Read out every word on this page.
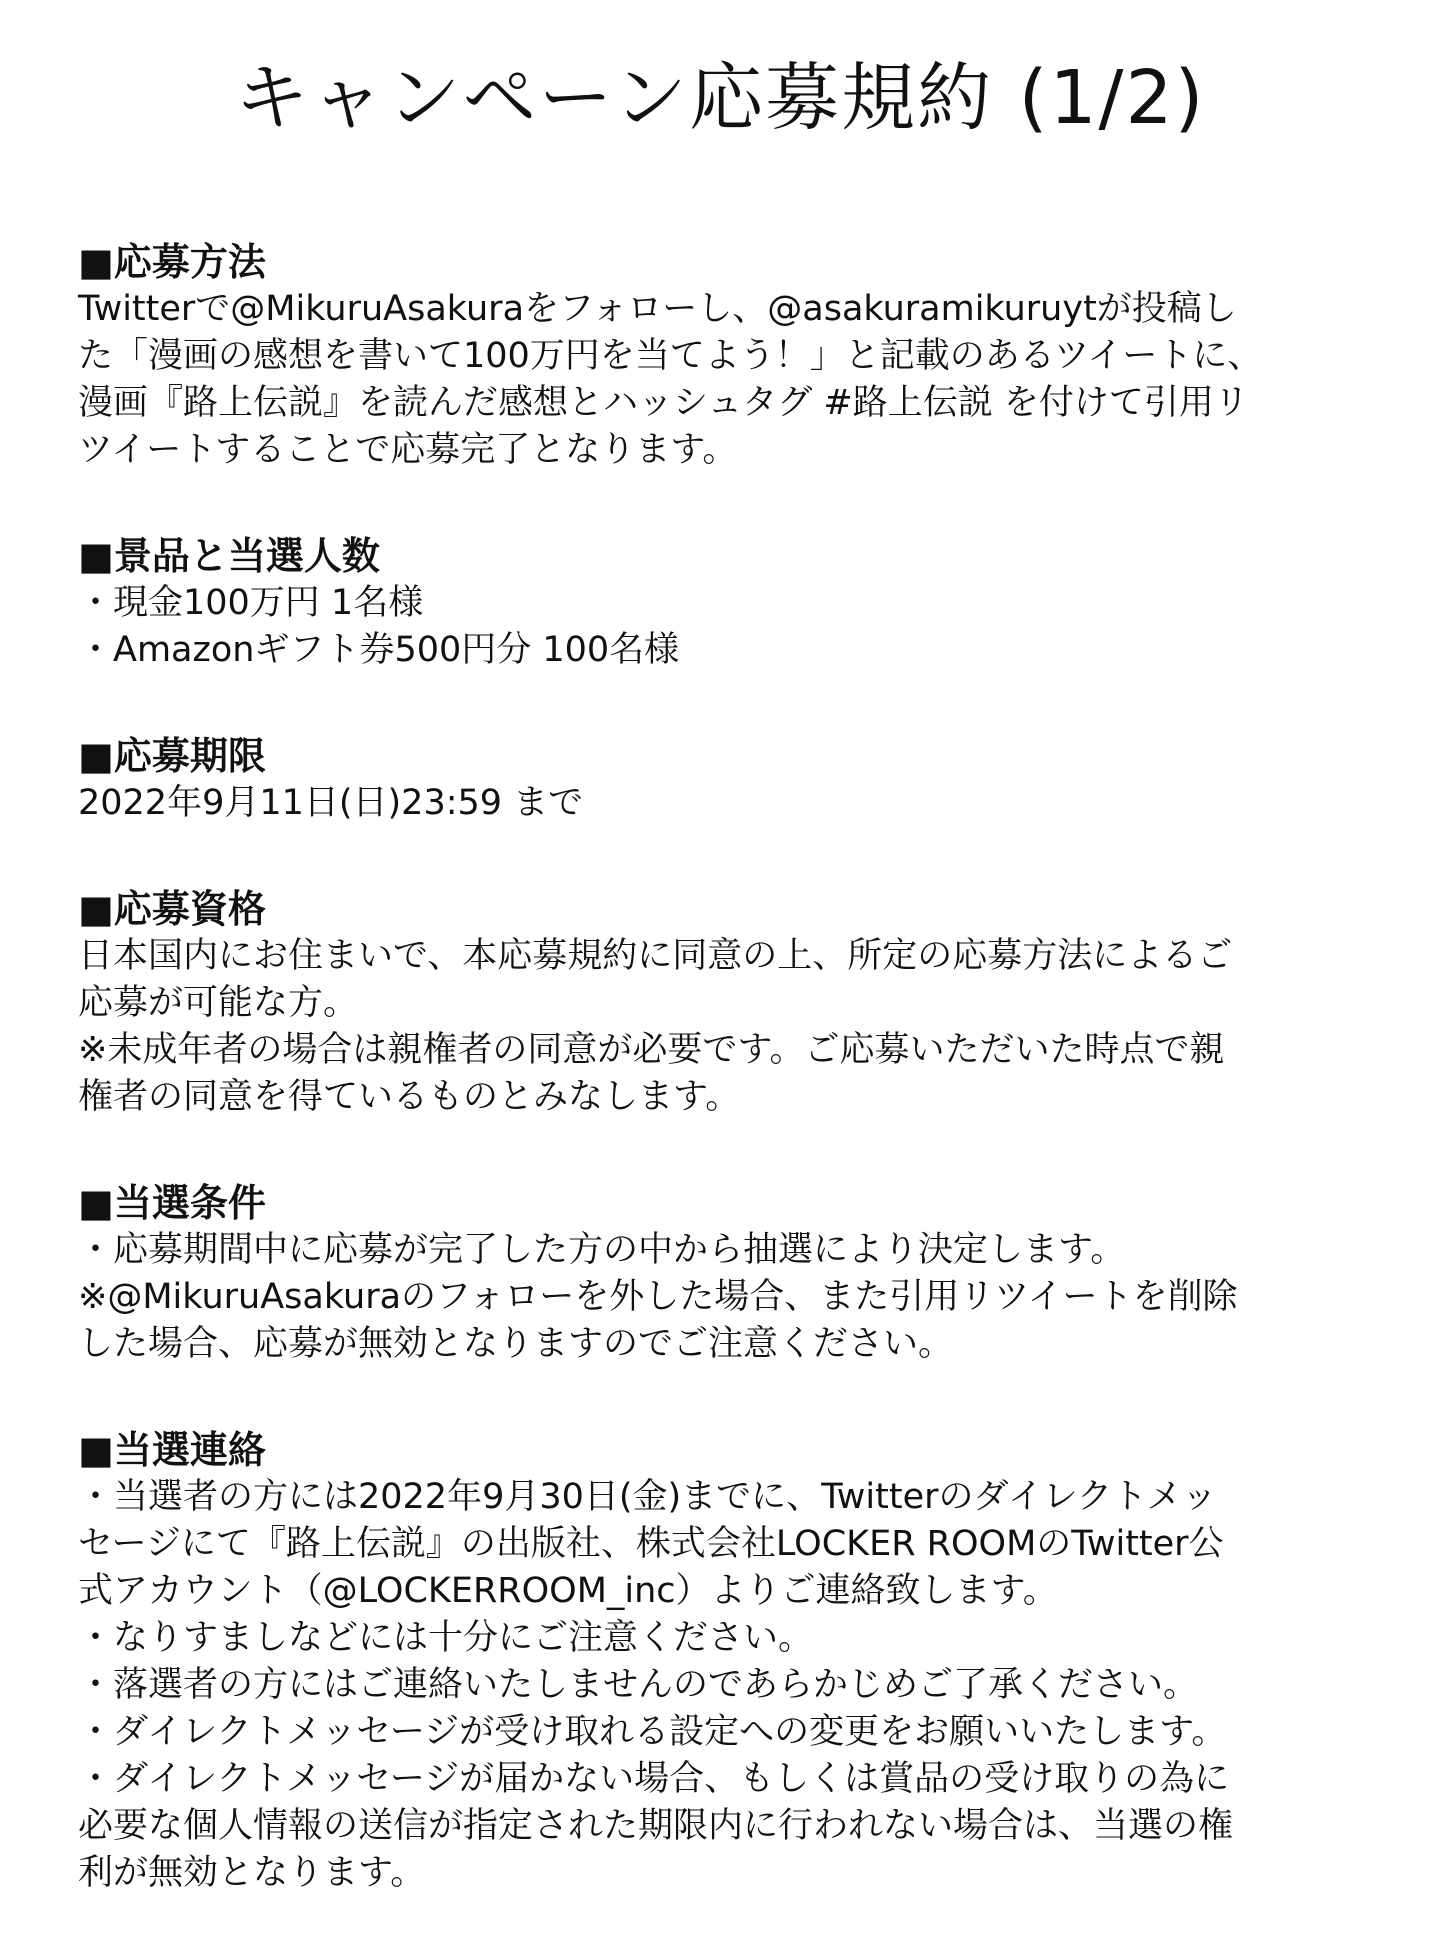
キャンペーン応募規約 (1/2)
■応募方法
Twitterで@MikuruAsakuraをフォローし、@asakuramikuruytが投稿し
た「漫画の感想を書いて100万円を当てよう！」と記載のあるツイートに、
漫画『路上伝説』を読んだ感想とハッシュタグ #路上伝説 を付けて引用リ
ツイートすることで応募完了となります。
■景品と当選人数
・現金100万円 1名様
・Amazonギフト券500円分 100名様
■応募期限
2022年9月11日(日)23:59 まで
■応募資格
日本国内にお住まいで、本応募規約に同意の上、所定の応募方法によるご
応募が可能な方。
※未成年者の場合は親権者の同意が必要です。ご応募いただいた時点で親
権者の同意を得ているものとみなします。
■当選条件
・応募期間中に応募が完了した方の中から抽選により決定します。
※@MikuruAsakuraのフォローを外した場合、また引用リツイートを削除
した場合、応募が無効となりますのでご注意ください。
■当選連絡
・当選者の方には2022年9月30日(金)までに、Twitterのダイレクトメッ
セージにて『路上伝説』の出版社、株式会社LOCKER ROOMのTwitter公
式アカウント（@LOCKERROOM_inc）よりご連絡致します。
・なりすましなどには十分にご注意ください。
・落選者の方にはご連絡いたしませんのであらかじめご了承ください。
・ダイレクトメッセージが受け取れる設定への変更をお願いいたします。
・ダイレクトメッセージが届かない場合、もしくは賞品の受け取りの為に
必要な個人情報の送信が指定された期限内に行われない場合は、当選の権
利が無効となります。
